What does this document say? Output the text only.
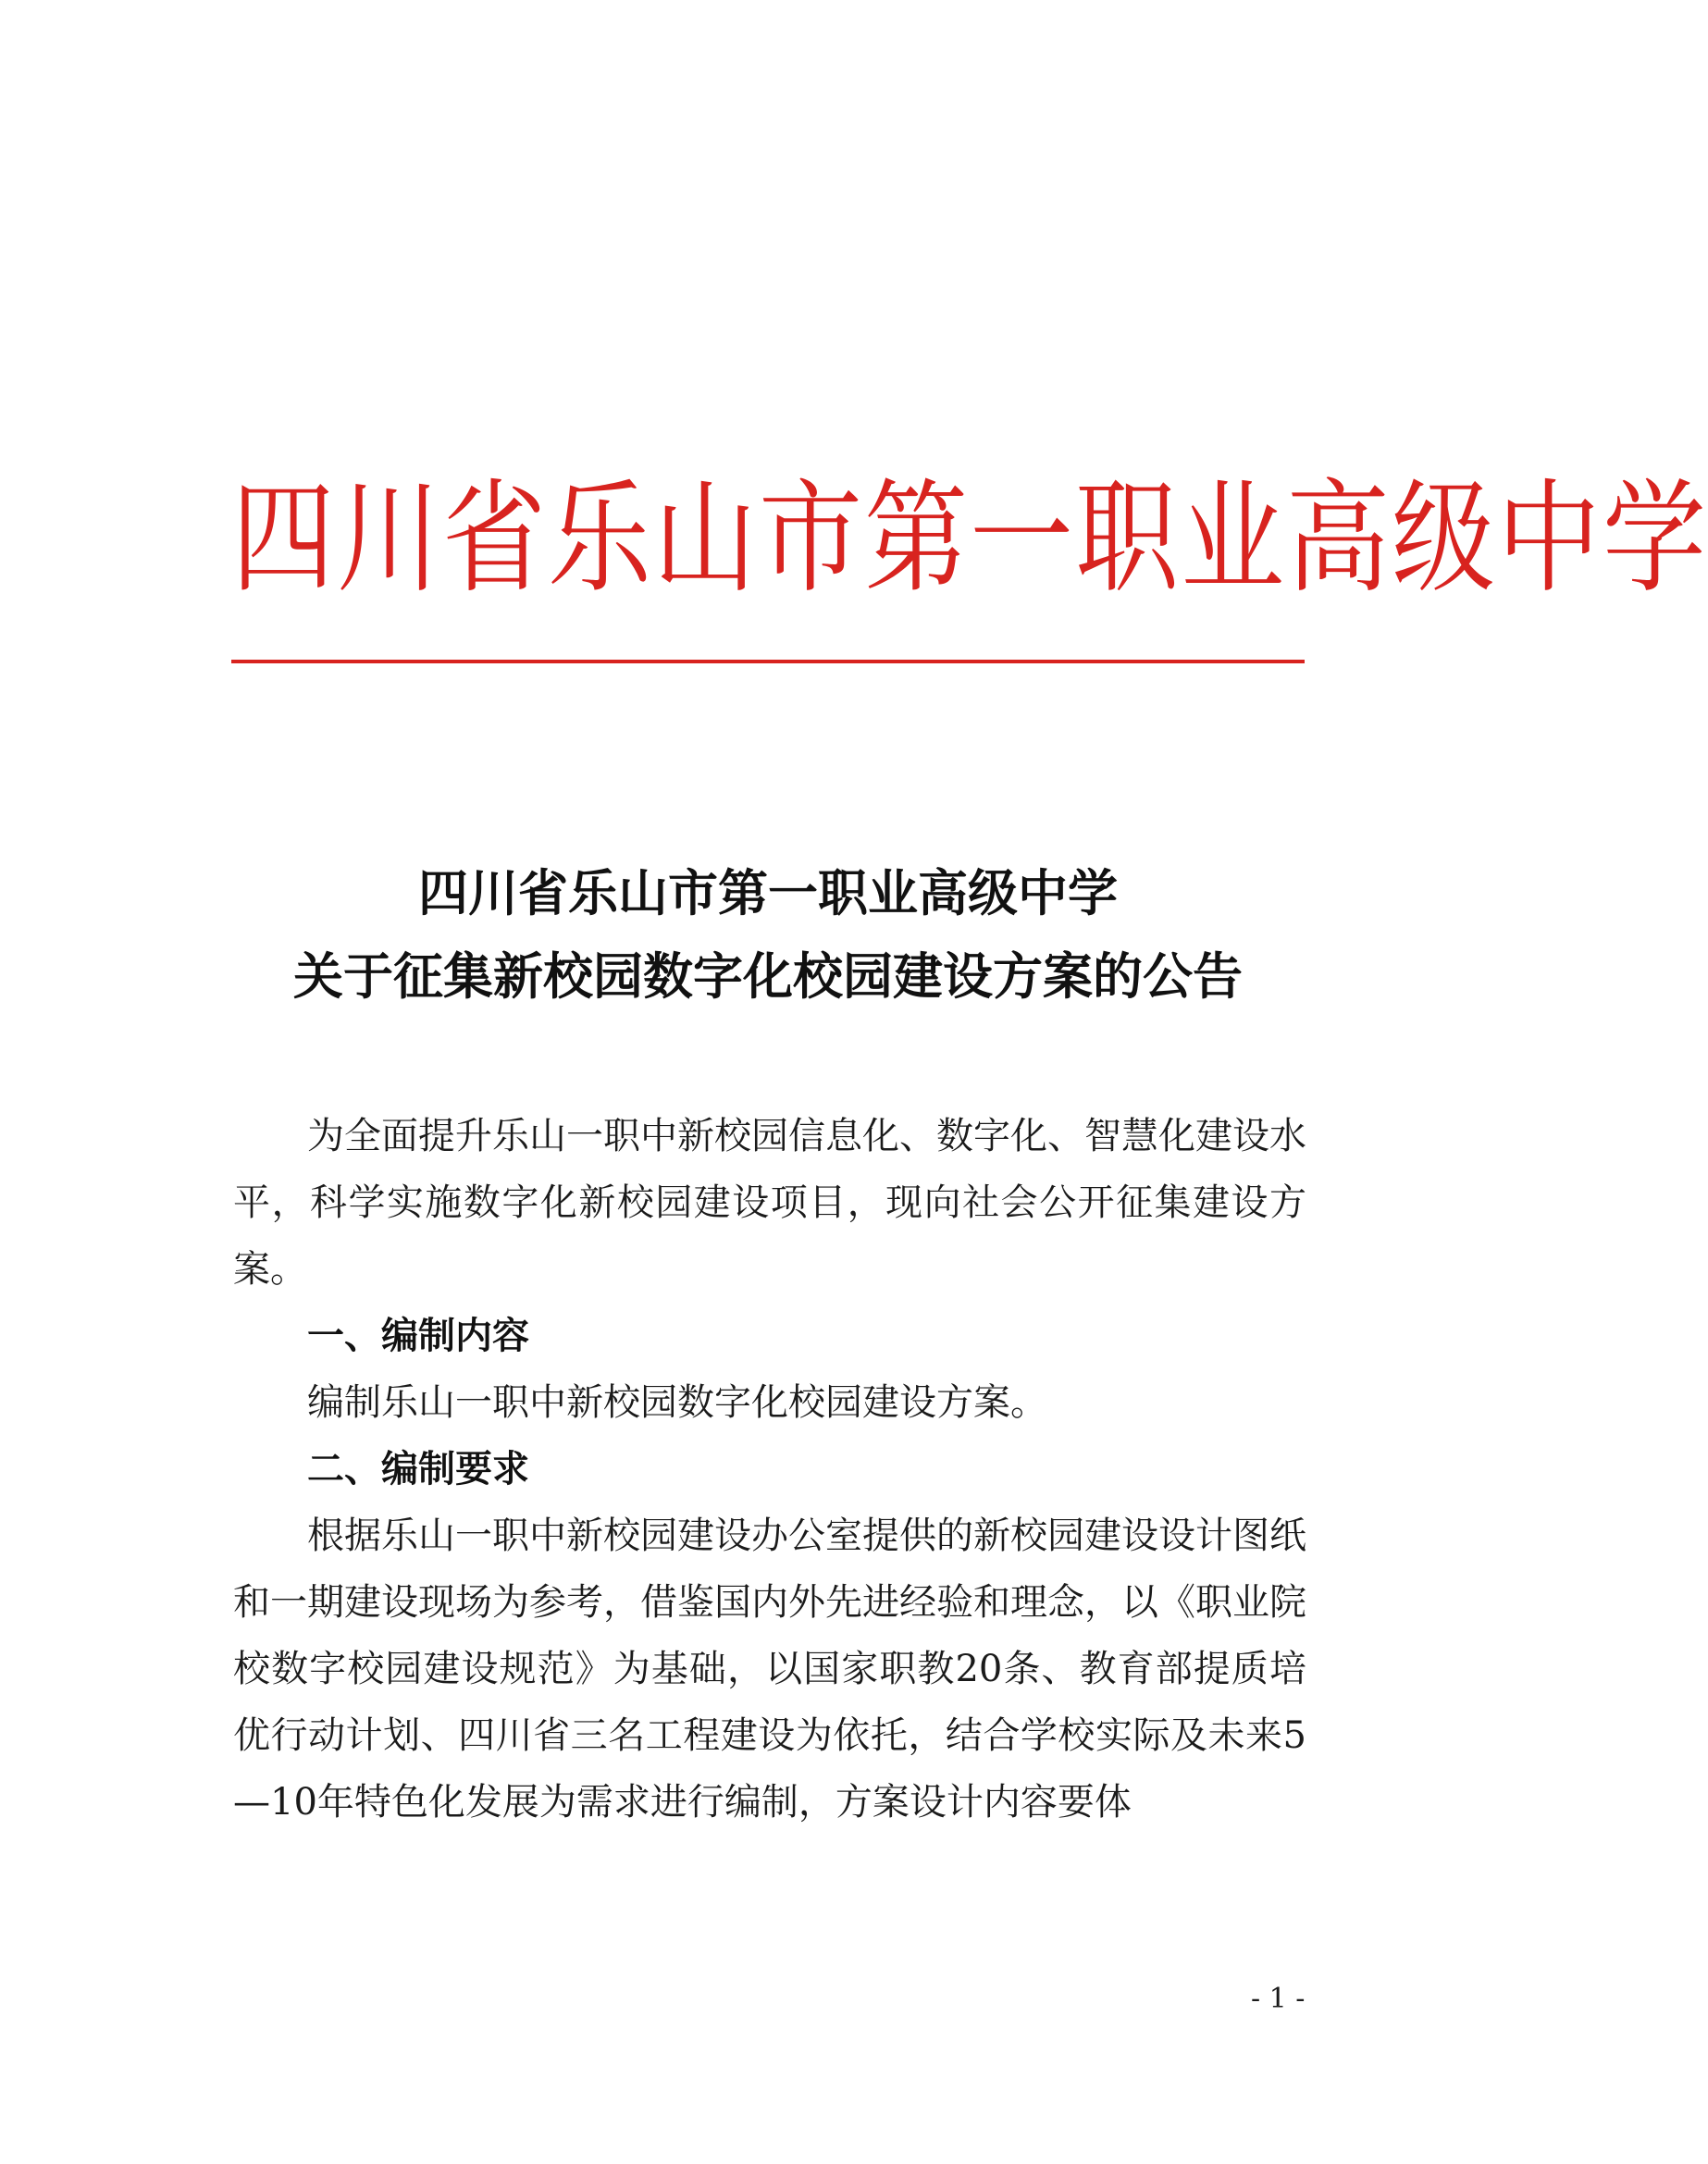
四川省乐山市第一职业高级中学
四川省乐山市第一职业高级中学
关于征集新校园数字化校园建设方案的公告

为全面提升乐山一职中新校园信息化、数字化、智慧化建设水平，科学实施数字化新校园建设项目，现向社会公开征集建设方案。

一、编制内容

编制乐山一职中新校园数字化校园建设方案。

二、编制要求

根据乐山一职中新校园建设办公室提供的新校园建设设计图纸和一期建设现场为参考，借鉴国内外先进经验和理念，以《职业院校数字校园建设规范》为基础，以国家职教20条、教育部提质培优行动计划、四川省三名工程建设为依托，结合学校实际及未来5—10年特色化发展为需求进行编制，方案设计内容要体

- 1 -
